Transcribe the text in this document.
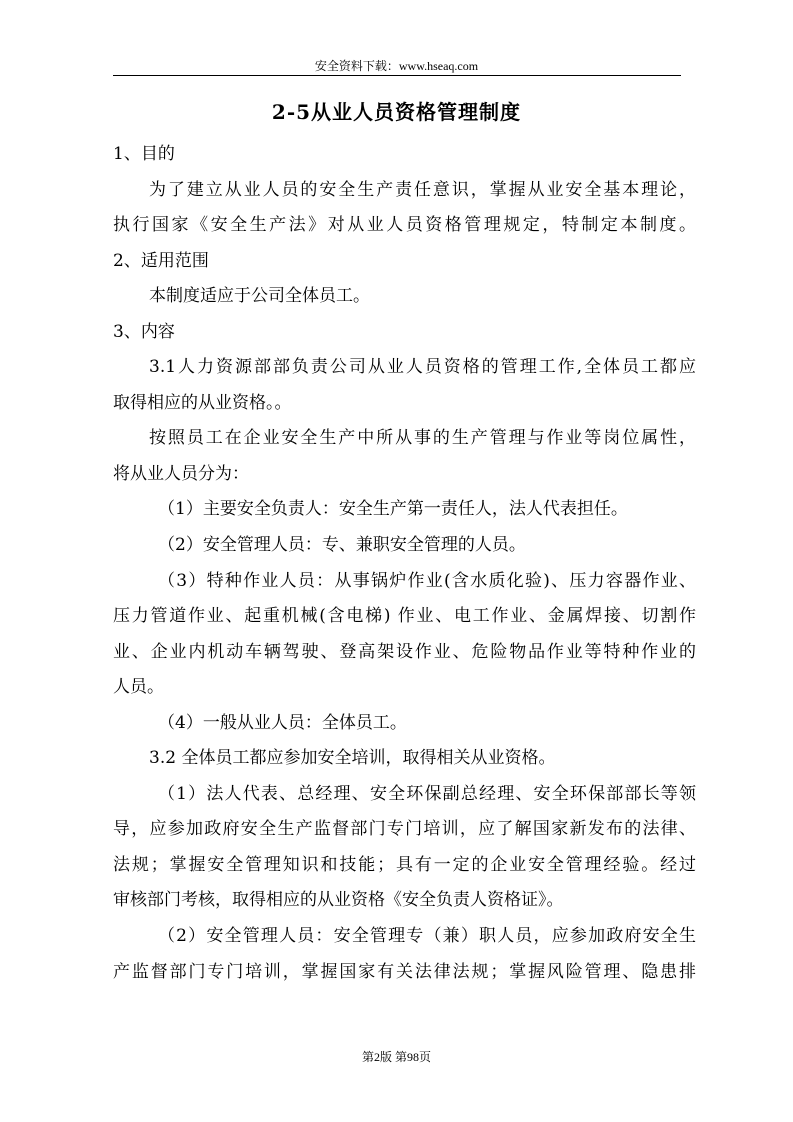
安全资料下载：www.hseaq.com
2-5从业人员资格管理制度
1、目的
为了建立从业人员的安全生产责任意识，掌握从业安全基本理论，
执行国家《安全生产法》对从业人员资格管理规定，特制定本制度。
2、适用范围
本制度适应于公司全体员工。
3、内容
3.1人力资源部部负责公司从业人员资格的管理工作,全体员工都应
取得相应的从业资格。。
按照员工在企业安全生产中所从事的生产管理与作业等岗位属性，
将从业人员分为：
（1）主要安全负责人：安全生产第一责任人，法人代表担任。
（2）安全管理人员：专、兼职安全管理的人员。
（3）特种作业人员：从事锅炉作业(含水质化验)、压力容器作业、
压力管道作业、起重机械(含电梯) 作业、电工作业、金属焊接、切割作
业、企业内机动车辆驾驶、登高架设作业、危险物品作业等特种作业的
人员。
（4）一般从业人员：全体员工。
3.2 全体员工都应参加安全培训，取得相关从业资格。
（1）法人代表、总经理、安全环保副总经理、安全环保部部长等领
导，应参加政府安全生产监督部门专门培训，应了解国家新发布的法律、
法规；掌握安全管理知识和技能；具有一定的企业安全管理经验。经过
审核部门考核，取得相应的从业资格《安全负责人资格证》。
（2）安全管理人员：安全管理专（兼）职人员，应参加政府安全生
产监督部门专门培训，掌握国家有关法律法规；掌握风险管理、隐患排
第2版 第98页
